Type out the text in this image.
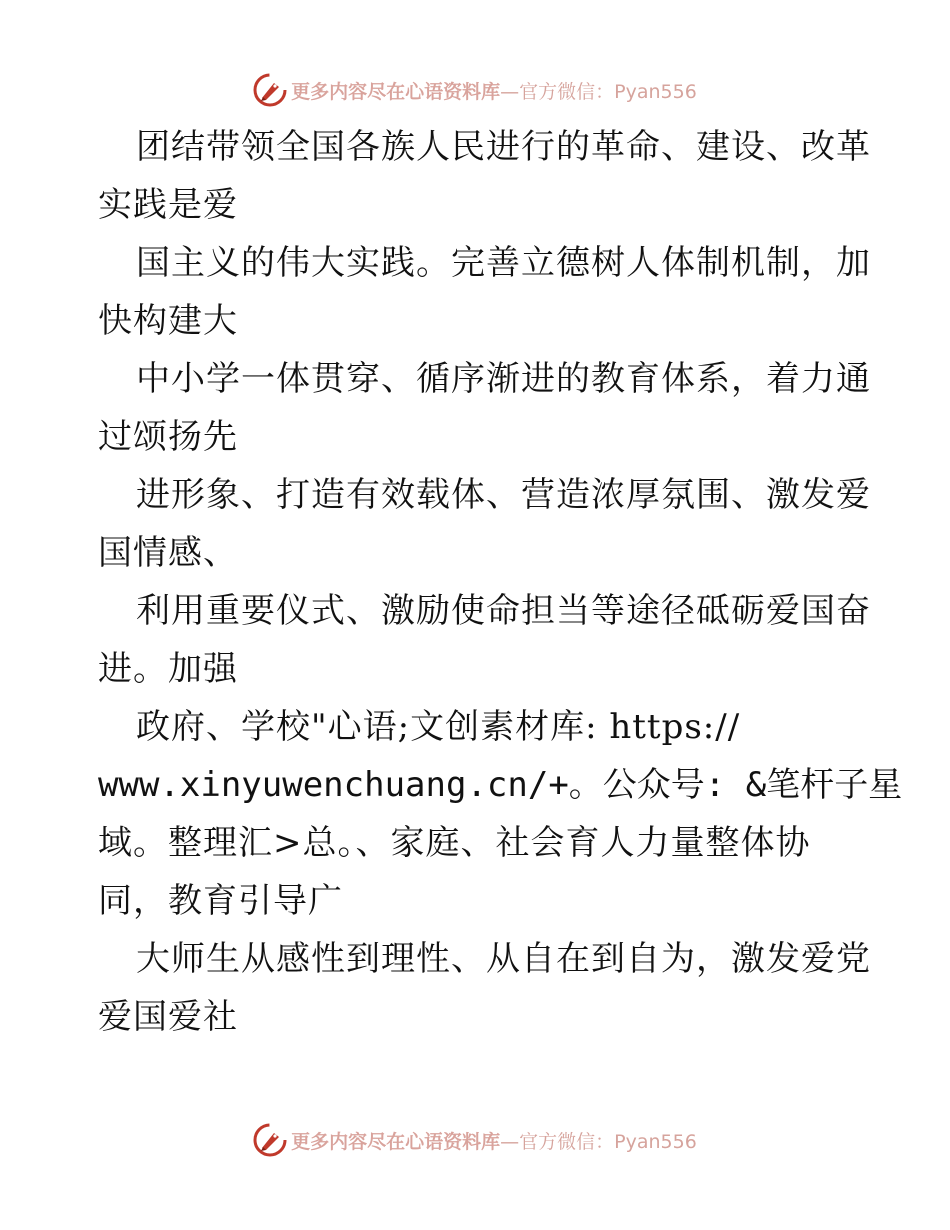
更多内容尽在心语资料库—官方微信：Pyan556
团结带领全国各族人民进行的革命、建设、改革
实践是爱
国主义的伟大实践。完善立德树人体制机制，加
快构建大
中小学一体贯穿、循序渐进的教育体系，着力通
过颂扬先
进形象、打造有效载体、营造浓厚氛围、激发爱
国情感、
利用重要仪式、激励使命担当等途径砥砺爱国奋
进。加强
政府、学校"心语;文创素材库: https://
www.xinyuwenchuang.cn/+。公众号: &笔杆子星
域。整理汇>总。、家庭、社会育人力量整体协
同，教育引导广
大师生从感性到理性、从自在到自为，激发爱党
爱国爱社
更多内容尽在心语资料库—官方微信：Pyan556
